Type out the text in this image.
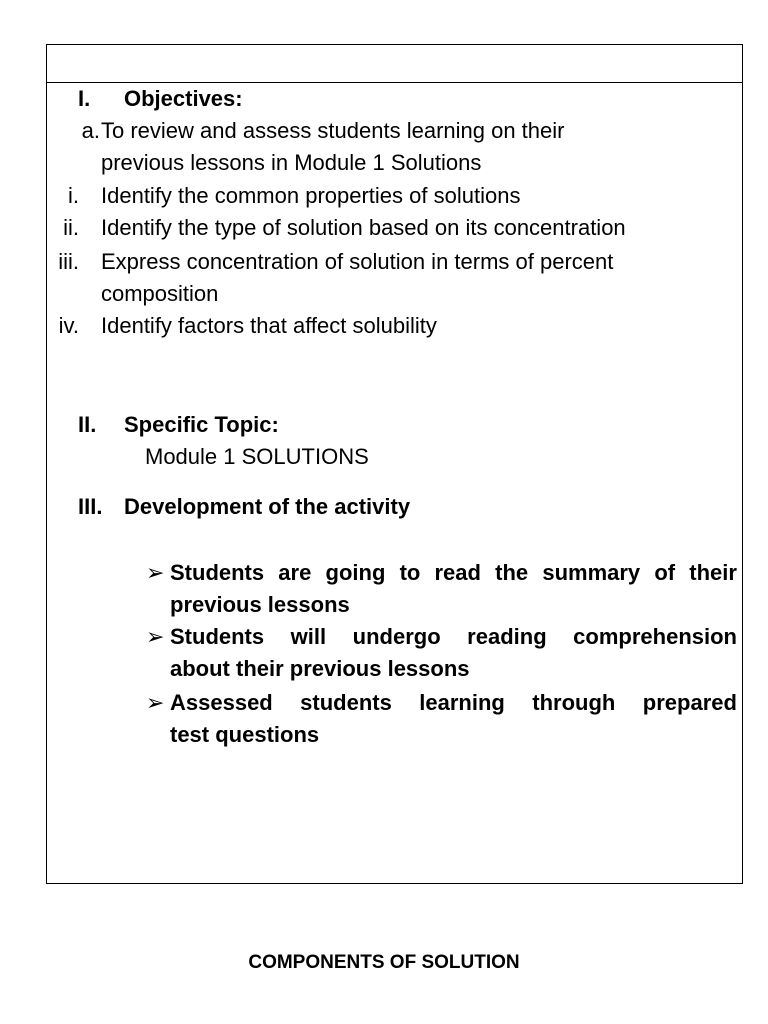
I. Objectives:
a. To review and assess students learning on their
previous lessons in Module 1 Solutions
i. Identify the common properties of solutions
ii. Identify the type of solution based on its concentration
iii. Express concentration of solution in terms of percent
composition
iv. Identify factors that affect solubility
II. Specific Topic:
Module 1 SOLUTIONS
III. Development of the activity
➢ Students are going to read the summary of their
previous lessons
➢ Students will undergo reading comprehension
about their previous lessons
➢ Assessed students learning through prepared
test questions
COMPONENTS OF SOLUTION
